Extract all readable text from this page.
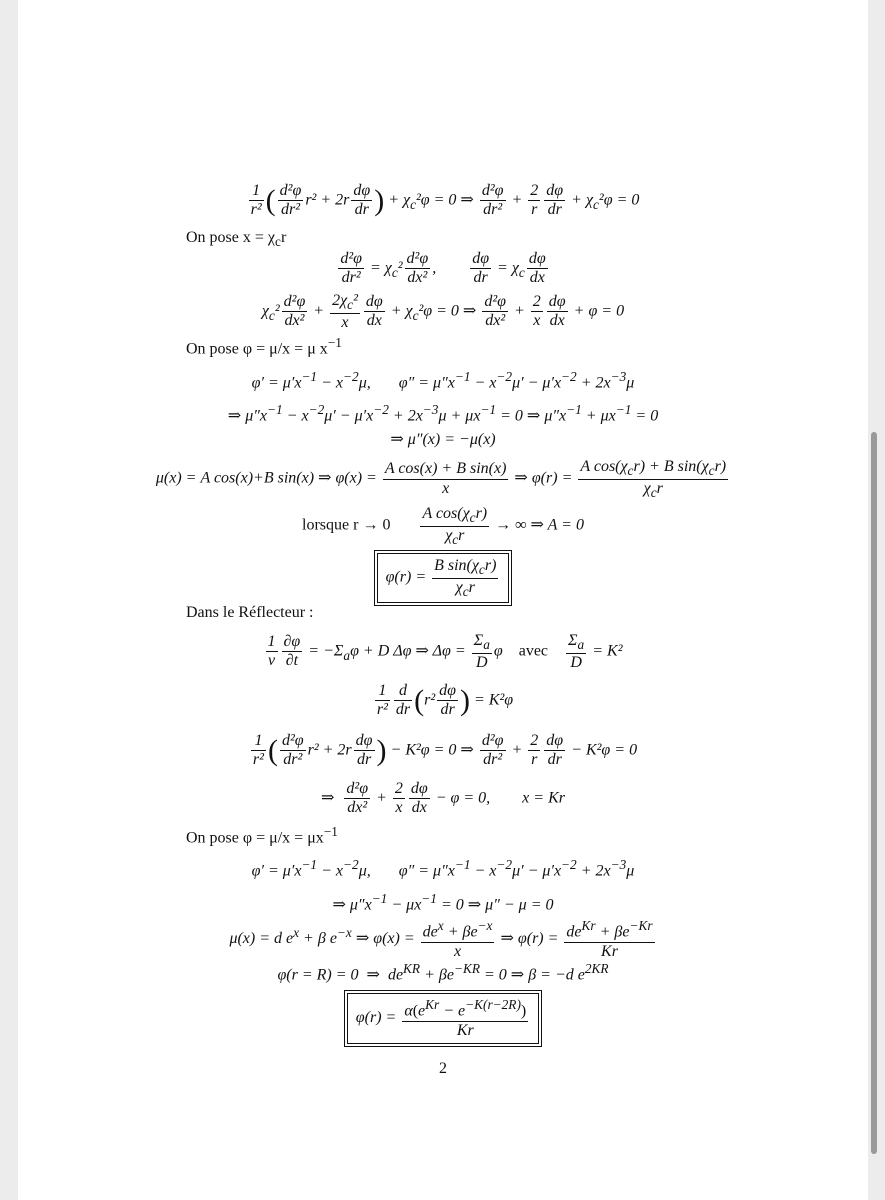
$\frac{1}{\text{r²}}$ ( $\frac{\text{d²φ}}{\text{dr²}} r^2 + 2r \frac{d\varphi}{dr}$ ) + $\chi_c^2\varphi = 0$ ⇒ $\frac{\text{d²φ}}{\text{dr²}} + \frac{2}{r} \frac{d\varphi}{dr} + \chi_c^2\varphi = 0$
On pose $x = \chi_cr$
$\frac{\text{d²φ}}{\text{dr²}} = \chi_c^2 \frac{\text{d²φ}}{\text{dx²}}$ , $\frac{d\varphi}{dr} = \chi_c \frac{d\varphi}{dx}$
$\chi_c^2 \frac{\text{d²φ}}{\text{dx²}} + \frac{2\chi_c^2}{x} \frac{d\varphi}{dx} + \chi_c^2\varphi = 0$ ⇒ $\frac{\text{d²φ}}{\text{dx²}} + \frac{2}{x} \frac{d\varphi}{dx} + \varphi = 0$
On pose φ = μ/x = μ $x^{-1}$
$\varphi' = \mu'x^{-1} - x^{-2}\mu$,       $\varphi'' = \mu''x^{-1} - x^{-2}\mu' - \mu'x^{-2} + 2x^{-3}\mu$
⇒ $\mu''x^{-1} - x^{-2}\mu' - \mu'x^{-2} + 2x^{-3}\mu + \mu x^{-1} = 0$ ⇒ $\mu''x^{-1} + \mu x^{-1} = 0$
⇒ μ″(x) = −μ(x)
μ(x) = A cos(x)+B sin(x) ⇒ $\varphi(x) = \frac{\text{A cos(x) + B sin(x)}}{x}$ ⇒ φ(r) =
A $\cos(\chi_cr) + B$ $\sin(\chi_cr)$
$\chi_cr$
lorsque r → 0
A $\cos(\chi_cr)$
$\chi_cr$
→ ∞ ⇒ A = 0
φ(r) =
B $\sin(\chi_cr)$
$\chi_cr$
Dans le Réflecteur :
$\frac{1}{v} \frac{\partial\varphi}{\partial t} = -\Sigma_a\varphi + D$ Δφ ⇒ $\Delta\varphi = \frac{\Sigma_a}{D}$ φ    avec $\frac{\Sigma_a}{D} = K^2$
$\frac{1}{\text{r²}} \frac{d}{dr} (r^2 \frac{d\varphi}{dr}$ ) = K²φ
$\frac{1}{\text{r²}}$ ( $\frac{\text{d²φ}}{\text{dr²}} r^2 + 2r \frac{d\varphi}{dr}$ ) − K²φ = 0 ⇒ $\frac{\text{d²φ}}{\text{dr²}} + \frac{2}{r} \frac{d\varphi}{dr} - K^2\varphi = 0$
⇒ $\frac{\text{d²φ}}{\text{dx²}} + \frac{2}{x} \frac{d\varphi}{dx} - \varphi = 0$,        x = Kr
On pose $\varphi = \mu/x = \mu x^{-1}$
$\varphi' = \mu'x^{-1} - x^{-2}\mu$,       $\varphi'' = \mu''x^{-1} - x^{-2}\mu' - \mu'x^{-2} + 2x^{-3}\mu$
⇒ $\mu''x^{-1} - \mu x^{-1} = 0$ ⇒ μ″ − μ = 0
μ(x) = d $e^x + \beta$ $e^{-x}$ ⇒ $\varphi(x) = de^x + \beta e^{-x}$
x
⇒ $\varphi(r) = de^{Kr} + \beta e^{-Kr}$
Kr
φ(r = R) = 0  ⇒  $de^{KR} + \beta e^{-KR} = 0$ ⇒ β = −d $e^{2KR}$
$\varphi(r) = \alpha(e^{Kr} - e^{-K(r-2R)})$
Kr
2
